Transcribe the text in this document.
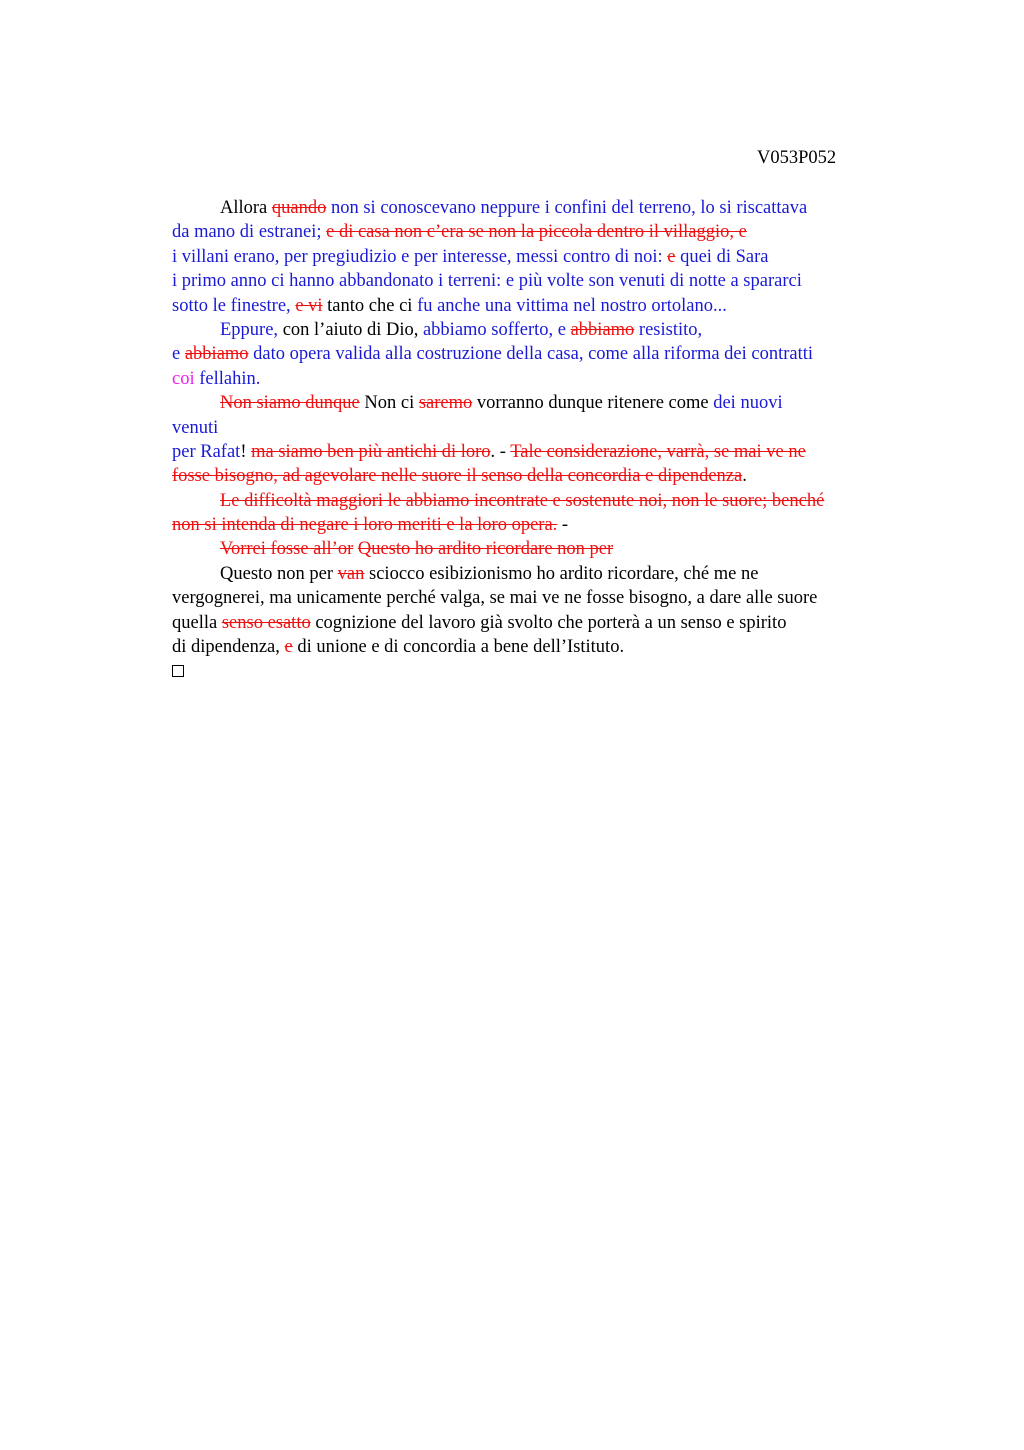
V053P052
Allora quando non si conoscevano neppure i confini del terreno, lo si riscattava
da mano di estranei; e di casa non c’era se non la piccola dentro il villaggio, e
i villani erano, per pregiudizio e per interesse, messi contro di noi: e quei di Sara
i primo anno ci hanno abbandonato i terreni: e più volte son venuti di notte a spararci
sotto le finestre, e vi tanto che ci fu anche una vittima nel nostro ortolano...
Eppure, con l’aiuto di Dio, abbiamo sofferto, e abbiamo resistito,
e abbiamo dato opera valida alla costruzione della casa, come alla riforma dei contratti
coi fellahin.
Non siamo dunque Non ci saremo vorranno dunque ritenere come dei nuovi
venuti
per Rafat! ma siamo ben più antichi di loro. - Tale considerazione, varrà, se mai ve ne
fosse bisogno, ad agevolare nelle suore il senso della concordia e dipendenza.
Le difficoltà maggiori le abbiamo incontrate e sostenute noi, non le suore; benché
non si intenda di negare i loro meriti e la loro opera. -
Vorrei fosse all’or Questo ho ardito ricordare non per
Questo non per van sciocco esibizionismo ho ardito ricordare, ché me ne
vergognerei, ma unicamente perché valga, se mai ve ne fosse bisogno, a dare alle suore
quella senso esatto cognizione del lavoro già svolto che porterà a un senso e spirito
di dipendenza, e di unione e di concordia a bene dell’Istituto.
